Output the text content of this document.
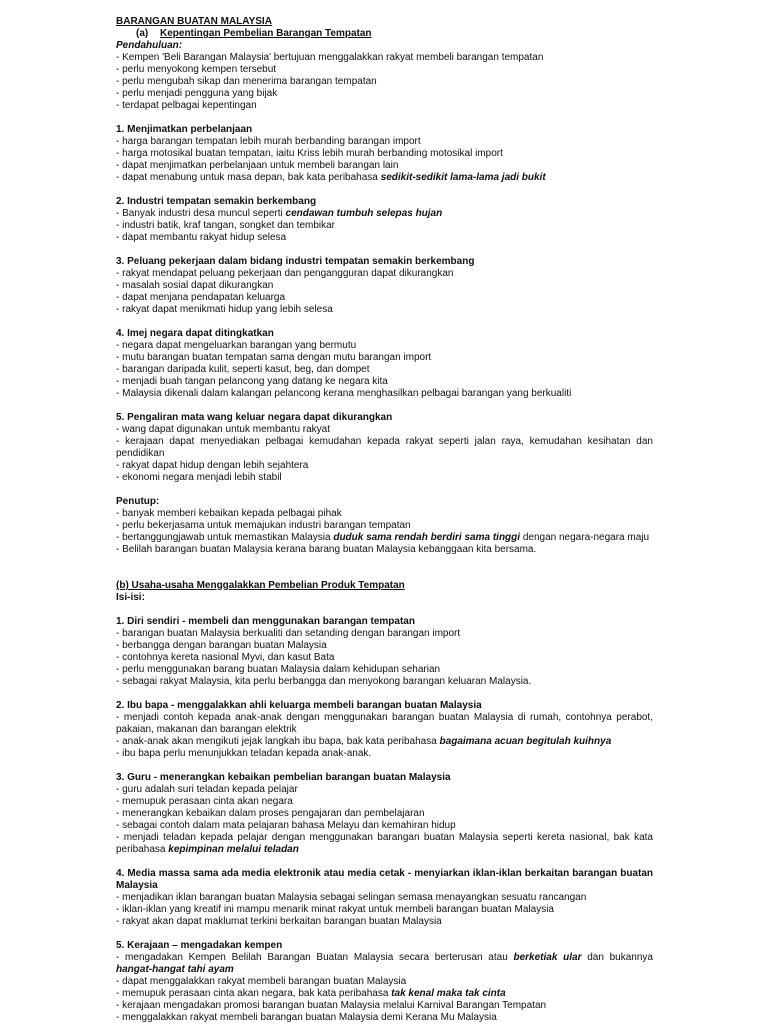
BARANGAN BUATAN MALAYSIA
(a) Kepentingan Pembelian Barangan Tempatan
Pendahuluan:
- Kempen 'Beli Barangan Malaysia' bertujuan menggalakkan rakyat membeli barangan tempatan
- perlu menyokong kempen tersebut
- perlu mengubah sikap dan menerima barangan tempatan
- perlu menjadi pengguna yang bijak
- terdapat pelbagai kepentingan
1. Menjimatkan perbelanjaan
- harga barangan tempatan lebih murah berbanding barangan import
- harga motosikal buatan tempatan, iaitu Kriss lebih murah berbanding motosikal import
- dapat menjimatkan perbelanjaan untuk membeli barangan lain
- dapat menabung untuk masa depan, bak kata peribahasa sedikit-sedikit lama-lama jadi bukit
2. Industri tempatan semakin berkembang
- Banyak industri desa muncul seperti cendawan tumbuh selepas hujan
- industri batik, kraf tangan, songket dan tembikar
- dapat membantu rakyat hidup selesa
3. Peluang pekerjaan dalam bidang industri tempatan semakin berkembang
- rakyat mendapat peluang pekerjaan dan pengangguran dapat dikurangkan
- masalah sosial dapat dikurangkan
- dapat menjana pendapatan keluarga
- rakyat dapat menikmati hidup yang lebih selesa
4. Imej negara dapat ditingkatkan
- negara dapat mengeluarkan barangan yang bermutu
- mutu barangan buatan tempatan sama dengan mutu barangan import
- barangan daripada kulit, seperti kasut, beg, dan dompet
- menjadi buah tangan pelancong yang datang ke negara kita
- Malaysia dikenali dalam kalangan pelancong kerana menghasilkan pelbagai barangan yang berkualiti
5. Pengaliran mata wang keluar negara dapat dikurangkan
- wang dapat digunakan untuk membantu rakyat
- kerajaan dapat menyediakan pelbagai kemudahan kepada rakyat seperti jalan raya, kemudahan kesihatan dan pendidikan
- rakyat dapat hidup dengan lebih sejahtera
- ekonomi negara menjadi lebih stabil
Penutup:
- banyak memberi kebaikan kepada pelbagai pihak
- perlu bekerjasama untuk memajukan industri barangan tempatan
- bertanggungjawab untuk memastikan Malaysia duduk sama rendah berdiri sama tinggi dengan negara-negara maju
- Belilah barangan buatan Malaysia kerana barang buatan Malaysia kebanggaan kita bersama.
(b) Usaha-usaha Menggalakkan Pembelian Produk Tempatan
Isi-isi:
1. Diri sendiri - membeli dan menggunakan barangan tempatan
- barangan buatan Malaysia berkualiti dan setanding dengan barangan import
- berbangga dengan barangan buatan Malaysia
- contohnya kereta nasional Myvi, dan kasut Bata
- perlu menggunakan barang buatan Malaysia dalam kehidupan seharian
- sebagai rakyat Malaysia, kita perlu berbangga dan menyokong barangan keluaran Malaysia.
2. Ibu bapa - menggalakkan ahli keluarga membeli barangan buatan Malaysia
- menjadi contoh kepada anak-anak dengan menggunakan barangan buatan Malaysia di rumah, contohnya perabot, pakaian, makanan dan barangan elektrik
- anak-anak akan mengikuti jejak langkah ibu bapa, bak kata peribahasa bagaimana acuan begitulah kuihnya
- ibu bapa perlu menunjukkan teladan kepada anak-anak.
3. Guru - menerangkan kebaikan pembelian barangan buatan Malaysia
- guru adalah suri teladan kepada pelajar
- memupuk perasaan cinta akan negara
- menerangkan kebaikan dalam proses pengajaran dan pembelajaran
- sebagai contoh dalam mata pelajaran bahasa Melayu dan kemahiran hidup
- menjadi teladan kepada pelajar dengan menggunakan barangan buatan Malaysia seperti kereta nasional, bak kata peribahasa kepimpinan melalui teladan
4. Media massa sama ada media elektronik atau media cetak - menyiarkan iklan-iklan berkaitan barangan buatan Malaysia
- menjadikan iklan barangan buatan Malaysia sebagai selingan semasa menayangkan sesuatu rancangan
- iklan-iklan yang kreatif ini mampu menarik minat rakyat untuk membeli barangan buatan Malaysia
- rakyat akan dapat maklumat terkini berkaitan barangan buatan Malaysia
5. Kerajaan – mengadakan kempen
- mengadakan Kempen Belilah Barangan Buatan Malaysia secara berterusan atau berketiak ular dan bukannya hangat-hangat tahi ayam
- dapat menggalakkan rakyat membeli barangan buatan Malaysia
- memupuk perasaan cinta akan negara, bak kata peribahasa tak kenal maka tak cinta
- kerajaan mengadakan promosi barangan buatan Malaysia melalui Karnival Barangan Tempatan
- menggalakkan rakyat membeli barangan buatan Malaysia demi Kerana Mu Malaysia
